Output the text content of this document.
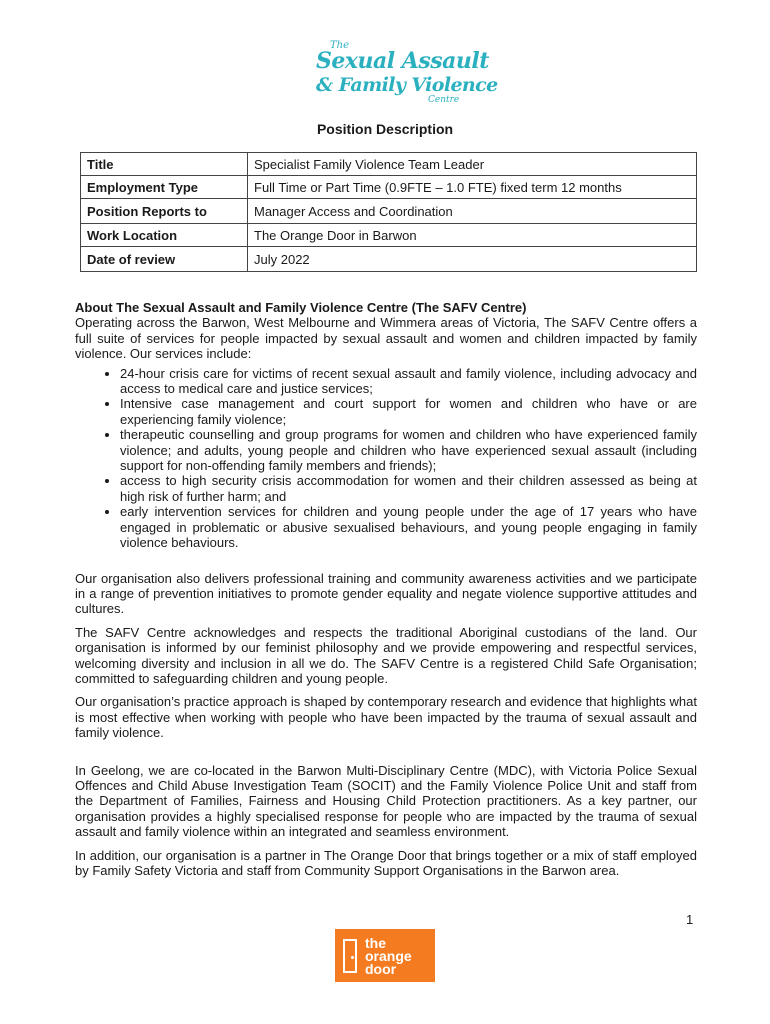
The
Sexual Assault
& Family Violence
Centre
Position Description
Title	Specialist Family Violence Team Leader
Employment Type	Full Time or Part Time (0.9FTE – 1.0 FTE) fixed term 12 months
Position Reports to	Manager Access and Coordination
Work Location	The Orange Door in Barwon
Date of review	July 2022
About The Sexual Assault and Family Violence Centre (The SAFV Centre)

Operating across the Barwon, West Melbourne and Wimmera areas of Victoria, The SAFV Centre offers a full suite of services for people impacted by sexual assault and women and children impacted by family violence. Our services include:

• 24-hour crisis care for victims of recent sexual assault and family violence, including advocacy and access to medical care and justice services;
• Intensive case management and court support for women and children who have or are experiencing family violence;
• therapeutic counselling and group programs for women and children who have experienced family violence; and adults, young people and children who have experienced sexual assault (including support for non-offending family members and friends);
• access to high security crisis accommodation for women and their children assessed as being at high risk of further harm; and
• early intervention services for children and young people under the age of 17 years who have engaged in problematic or abusive sexualised behaviours, and young people engaging in family violence behaviours.

Our organisation also delivers professional training and community awareness activities and we participate in a range of prevention initiatives to promote gender equality and negate violence supportive attitudes and cultures.

The SAFV Centre acknowledges and respects the traditional Aboriginal custodians of the land. Our organisation is informed by our feminist philosophy and we provide empowering and respectful services, welcoming diversity and inclusion in all we do. The SAFV Centre is a registered Child Safe Organisation; committed to safeguarding children and young people.

Our organisation’s practice approach is shaped by contemporary research and evidence that highlights what is most effective when working with people who have been impacted by the trauma of sexual assault and family violence.

In Geelong, we are co-located in the Barwon Multi-Disciplinary Centre (MDC), with Victoria Police Sexual Offences and Child Abuse Investigation Team (SOCIT) and the Family Violence Police Unit and staff from the Department of Families, Fairness and Housing Child Protection practitioners. As a key partner, our organisation provides a highly specialised response for people who are impacted by the trauma of sexual assault and family violence within an integrated and seamless environment.

In addition, our organisation is a partner in The Orange Door that brings together or a mix of staff employed by Family Safety Victoria and staff from Community Support Organisations in the Barwon area.

1
the
orange
door
